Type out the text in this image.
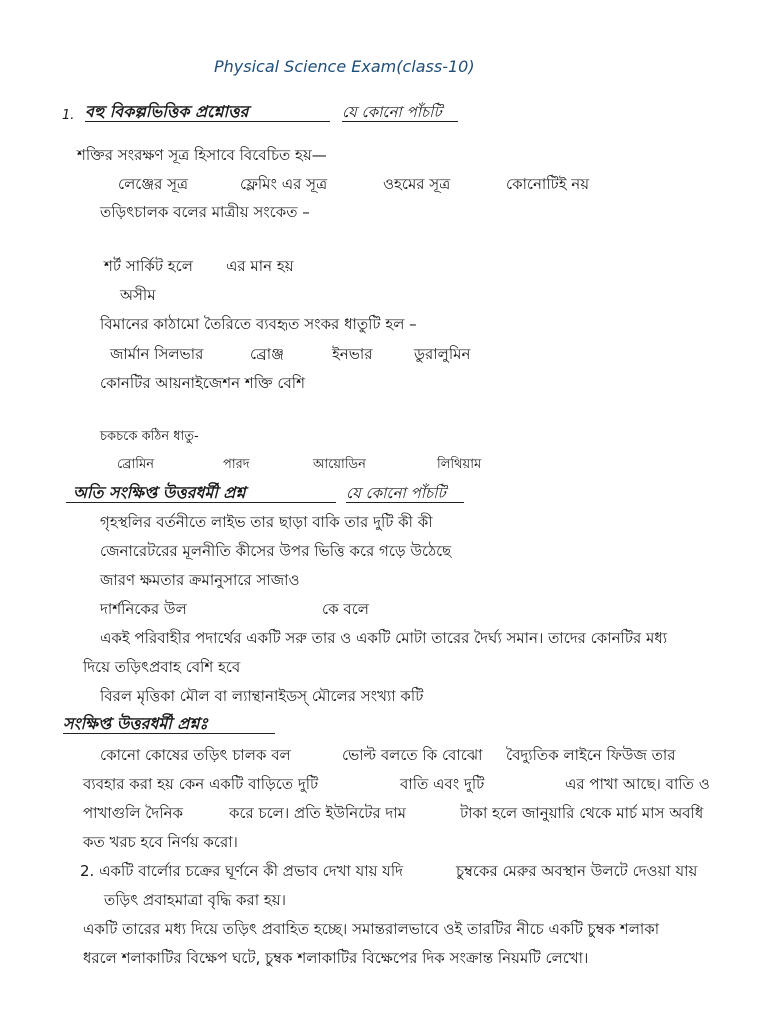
Physical Science Exam(class-10)
1. বহু বিকল্পভিত্তিক প্রশ্নোত্তর	যে কোনো পাঁচটি
শক্তির সংরক্ষণ সূত্র হিসাবে বিবেচিত হয়—
লেঞ্জের সূত্র	ফ্লেমিং এর সূত্র	ওহমের সূত্র	কোনোটিই নয়
তড়িৎচালক বলের মাত্রীয় সংকেত –
শর্ট সার্কিট হলে এর মান হয়
অসীম
বিমানের কাঠামো তৈরিতে ব্যবহৃত সংকর ধাতুটি হল –
জার্মান সিলভার	ব্রোঞ্জ	ইনভার	ডুরালুমিন
কোনটির আয়নাইজেশন শক্তি বেশি
চকচকে কঠিন ধাতু-
ব্রোমিন	পারদ	আয়োডিন	লিথিয়াম
অতি সংক্ষিপ্ত উত্তরধর্মী প্রশ্ন	যে কোনো পাঁচটি
গৃহস্থলির বর্তনীতে লাইভ তার ছাড়া বাকি তার দুটি কী কী
জেনারেটরের মূলনীতি কীসের উপর ভিত্তি করে গড়ে উঠেছে
জারণ ক্ষমতার ক্রমানুসারে সাজাও
দার্শনিকের উল	কে বলে
একই পরিবাহীর পদার্থের একটি সরু তার ও একটি মোটা তারের দৈর্ঘ্য সমান। তাদের কোনটির মধ্য
দিয়ে তড়িৎপ্রবাহ বেশি হবে
বিরল মৃত্তিকা মৌল বা ল্যান্থানাইডস্ মৌলের সংখ্যা কটি
সংক্ষিপ্ত উত্তরধর্মী প্রশ্নঃ
কোনো কোষের তড়িৎ চালক বল	ভোল্ট বলতে কি বোঝো বৈদ্যুতিক লাইনে ফিউজ তার
ব্যবহার করা হয় কেন একটি বাড়িতে দুটি	বাতি এবং দুটি	এর পাখা আছে। বাতি ও
পাখাগুলি দৈনিক	করে চলে। প্রতি ইউনিটের দাম	টাকা হলে জানুয়ারি থেকে মার্চ মাস অবধি
কত খরচ হবে নির্ণয় করো।
2. একটি বার্লোর চক্রের ঘূর্ণনে কী প্রভাব দেখা যায় যদি	চুম্বকের মেরুর অবস্থান উলটে দেওয়া যায়
তড়িৎ প্রবাহমাত্রা বৃদ্ধি করা হয়।
একটি তারের মধ্য দিয়ে তড়িৎ প্রবাহিত হচ্ছে। সমান্তরালভাবে ওই তারটির নীচে একটি চুম্বক শলাকা
ধরলে শলাকাটির বিক্ষেপ ঘটে, চুম্বক শলাকাটির বিক্ষেপের দিক সংক্রান্ত নিয়মটি লেখো।
